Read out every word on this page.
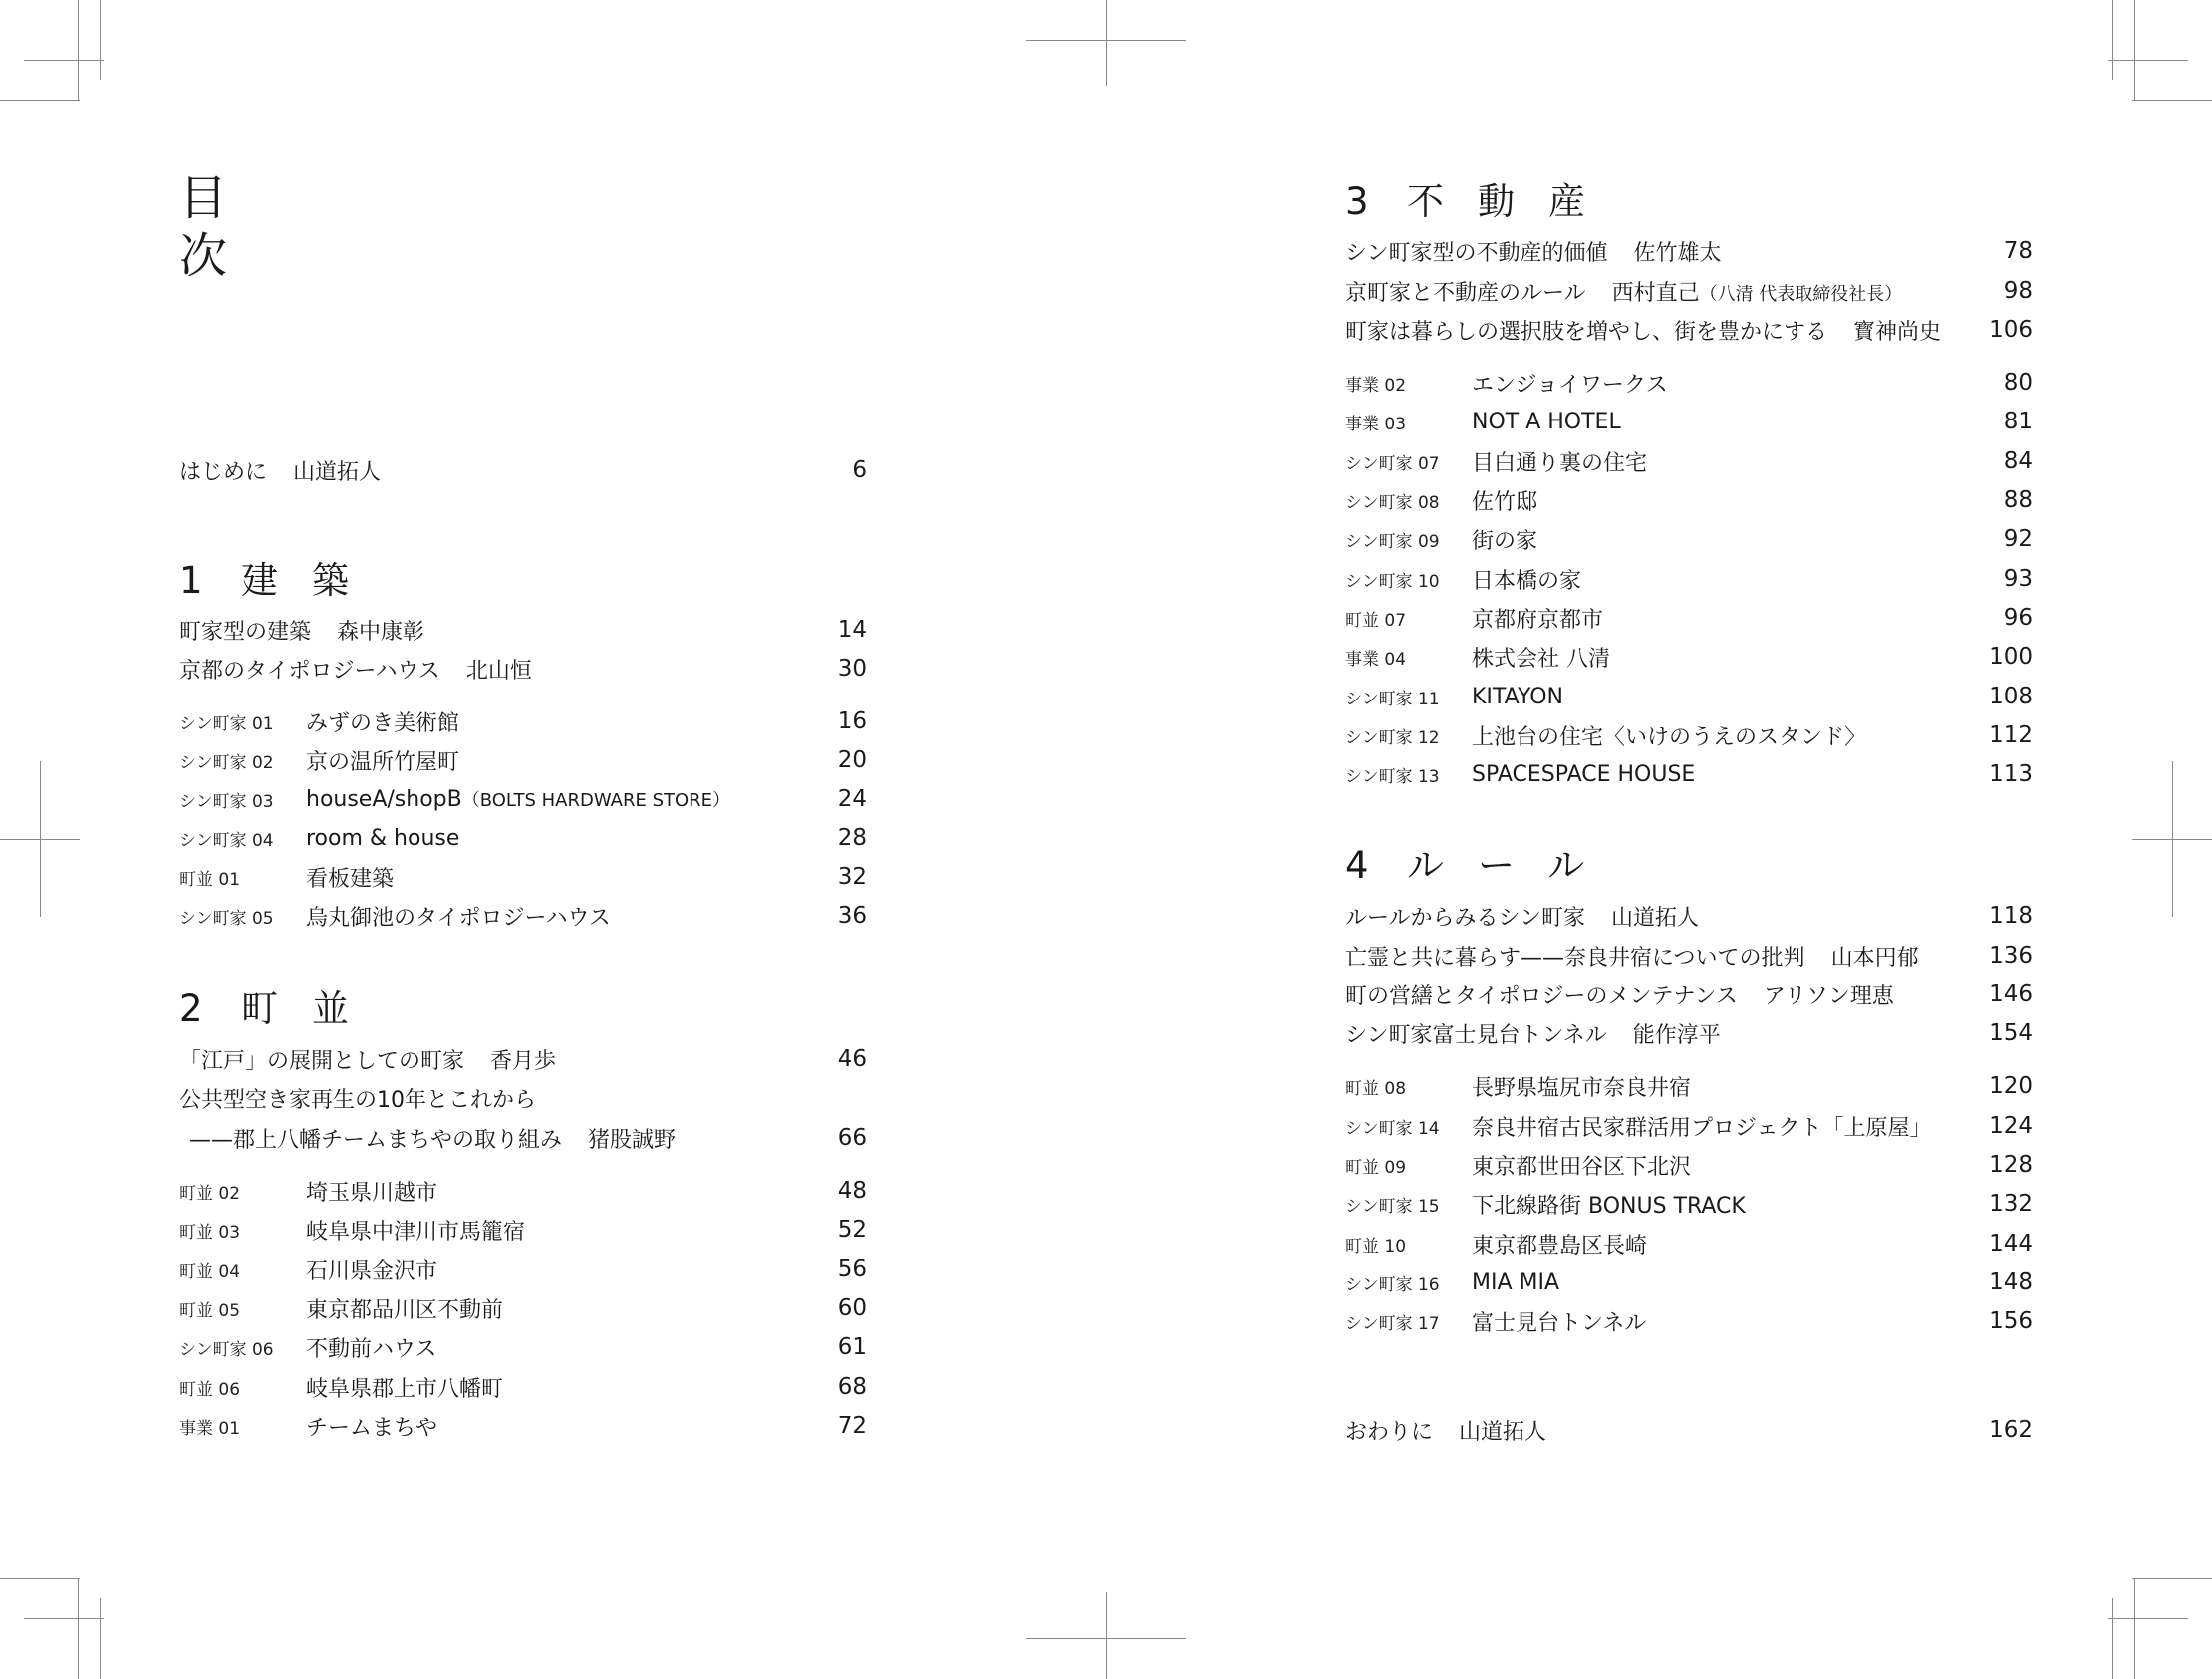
目
次
はじめに 山道拓人	6
1 建築
町家型の建築 森中康彰	14
京都のタイポロジーハウス 北山恒	30
シン町家 01	みずのき美術館	16
シン町家 02	京の温所竹屋町	20
シン町家 03	houseA/shopB（BOLTS HARDWARE STORE）	24
シン町家 04	room & house	28
町並 01	看板建築	32
シン町家 05	烏丸御池のタイポロジーハウス	36
2 町並
「江戸」の展開としての町家 香月歩	46
公共型空き家再生の10年とこれから
——郡上八幡チームまちやの取り組み 猪股誠野	66
町並 02	埼玉県川越市	48
町並 03	岐阜県中津川市馬籠宿	52
町並 04	石川県金沢市	56
町並 05	東京都品川区不動前	60
シン町家 06	不動前ハウス	61
町並 06	岐阜県郡上市八幡町	68
事業 01	チームまちや	72
3 不動産
シン町家型の不動産的価値 佐竹雄太	78
京町家と不動産のルール 西村直己（八清 代表取締役社長）	98
町家は暮らしの選択肢を増やし、街を豊かにする 寳神尚史	106
事業 02	エンジョイワークス	80
事業 03	NOT A HOTEL	81
シン町家 07	目白通り裏の住宅	84
シン町家 08	佐竹邸	88
シン町家 09	街の家	92
シン町家 10	日本橋の家	93
町並 07	京都府京都市	96
事業 04	株式会社 八清	100
シン町家 11	KITAYON	108
シン町家 12	上池台の住宅〈いけのうえのスタンド〉	112
シン町家 13	SPACESPACE HOUSE	113
4 ルール
ルールからみるシン町家 山道拓人	118
亡霊と共に暮らす——奈良井宿についての批判 山本円郁	136
町の営繕とタイポロジーのメンテナンス アリソン理恵	146
シン町家富士見台トンネル 能作淳平	154
町並 08	長野県塩尻市奈良井宿	120
シン町家 14	奈良井宿古民家群活用プロジェクト「上原屋」	124
町並 09	東京都世田谷区下北沢	128
シン町家 15	下北線路街 BONUS TRACK	132
町並 10	東京都豊島区長崎	144
シン町家 16	MIA MIA	148
シン町家 17	富士見台トンネル	156
おわりに 山道拓人	162
